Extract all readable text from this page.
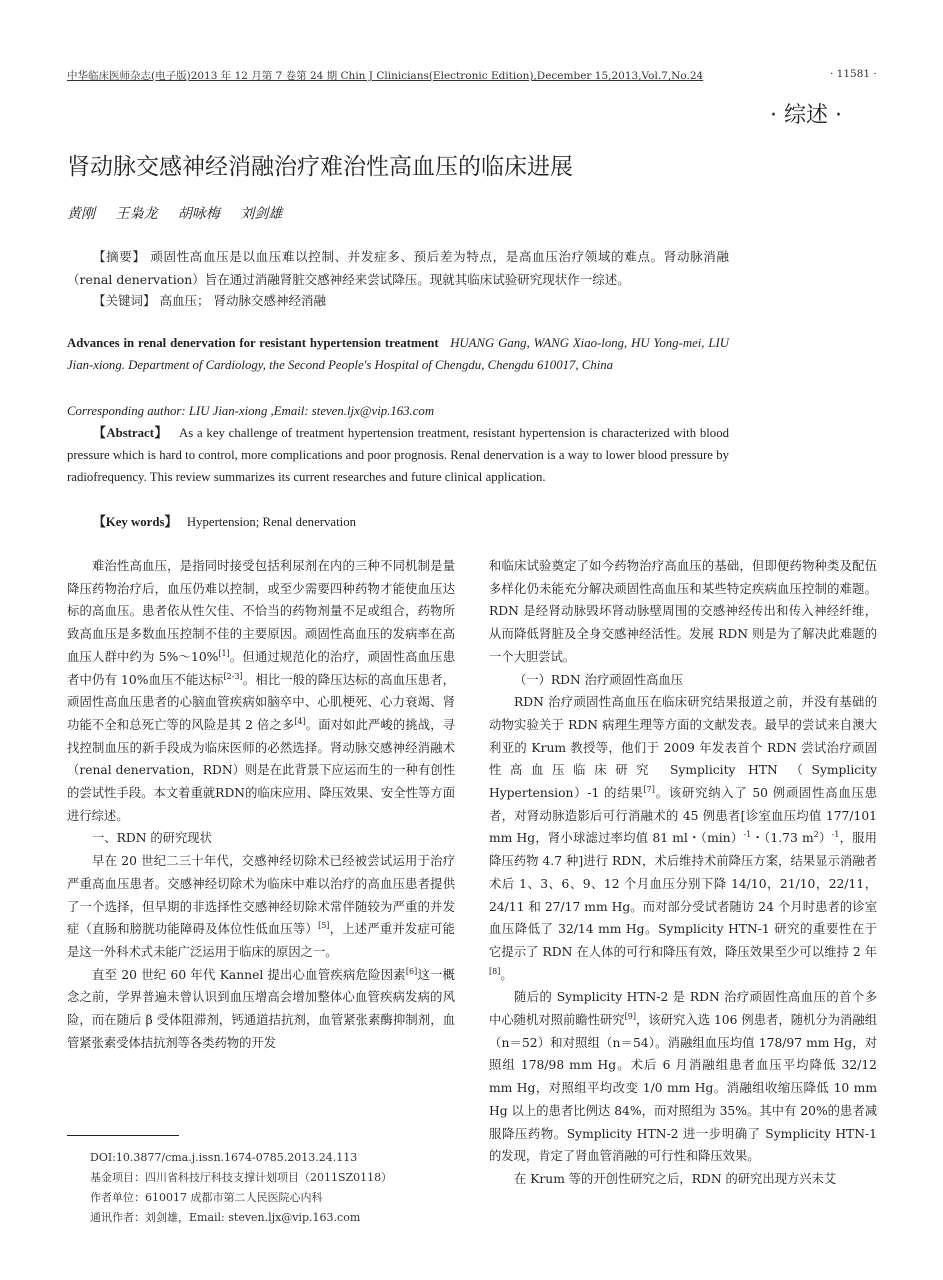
中华临床医师杂志(电子版)2013 年 12 月第 7 卷第 24 期 Chin J Clinicians(Electronic Edition),December 15,2013,Vol.7,No.24	· 11581 ·
· 综述 ·
肾动脉交感神经消融治疗难治性高血压的临床进展
黄刚 王枭龙 胡咏梅 刘剑雄
【摘要】 顽固性高血压是以血压难以控制、并发症多、预后差为特点，是高血压治疗领域的难点。肾动脉消融（renal denervation）旨在通过消融肾脏交感神经来尝试降压。现就其临床试验研究现状作一综述。
【关键词】 高血压； 肾动脉交感神经消融
Advances in renal denervation for resistant hypertension treatment HUANG Gang, WANG Xiao-long, HU Yong-mei, LIU Jian-xiong. Department of Cardiology, the Second People's Hospital of Chengdu, Chengdu 610017, China
Corresponding author: LIU Jian-xiong ,Email: steven.ljx@vip.163.com
【Abstract】 As a key challenge of treatment hypertension treatment, resistant hypertension is characterized with blood pressure which is hard to control, more complications and poor prognosis. Renal denervation is a way to lower blood pressure by radiofrequency. This review summarizes its current researches and future clinical application.
【Key words】 Hypertension; Renal denervation

难治性高血压，是指同时接受包括利尿剂在内的三种不同机制是量降压药物治疗后，血压仍难以控制，或至少需要四种药物才能使血压达标的高血压。患者依从性欠佳、不恰当的药物剂量不足或组合，药物所致高血压是多数血压控制不佳的主要原因。顽固性高血压的发病率在高血压人群中约为 5%～10%[1]。但通过规范化的治疗，顽固性高血压患者中仍有 10%血压不能达标[2-3]。相比一般的降压达标的高血压患者，顽固性高血压患者的心脑血管疾病如脑卒中、心肌梗死、心力衰竭、肾功能不全和总死亡等的风险是其 2 倍之多[4]。面对如此严峻的挑战，寻找控制血压的新手段成为临床医师的必然选择。肾动脉交感神经消融术（renal denervation，RDN）则是在此背景下应运而生的一种有创性的尝试性手段。本文着重就RDN的临床应用、降压效果、安全性等方面进行综述。

一、RDN 的研究现状

早在 20 世纪二三十年代，交感神经切除术已经被尝试运用于治疗严重高血压患者。交感神经切除术为临床中难以治疗的高血压患者提供了一个选择，但早期的非选择性交感神经切除术常伴随较为严重的并发症（直肠和膀胱功能障碍及体位性低血压等）[5]，上述严重并发症可能是这一外科术式未能广泛运用于临床的原因之一。

直至 20 世纪 60 年代 Kannel 提出心血管疾病危险因素[6]这一概念之前，学界普遍未曾认识到血压增高会增加整体心血管疾病发病的风险，而在随后 β 受体阻滞剂，钙通道拮抗剂，血管紧张素酶抑制剂，血管紧张素受体拮抗剂等各类药物的开发

和临床试验奠定了如今药物治疗高血压的基础，但即便药物种类及配伍多样化仍未能充分解决顽固性高血压和某些特定疾病血压控制的难题。RDN 是经肾动脉毁坏肾动脉壁周围的交感神经传出和传入神经纤维，从而降低肾脏及全身交感神经活性。发展 RDN 则是为了解决此难题的一个大胆尝试。

（一）RDN 治疗顽固性高血压

RDN 治疗顽固性高血压在临床研究结果报道之前，并没有基础的动物实验关于 RDN 病理生理等方面的文献发表。最早的尝试来自澳大利亚的 Krum 教授等，他们于 2009 年发表首个 RDN 尝试治疗顽固性高血压临床研究 Symplicity HTN （Symplicity Hypertension）-1 的结果[7]。该研究纳入了 50 例顽固性高血压患者，对肾动脉造影后可行消融术的 45 例患者[诊室血压均值 177/101 mm Hg，肾小球滤过率均值 81 ml・$(\min)^{-1}$・（1.73 $m^2)^{-1}$，服用降压药物 4.7 种]进行 RDN，术后维持术前降压方案，结果显示消融者术后 1、3、6、9、12 个月血压分别下降 14/10，21/10，22/11，24/11 和 27/17 mm Hg。而对部分受试者随访 24 个月时患者的诊室血压降低了 32/14 mm Hg。Symplicity HTN-1 研究的重要性在于它提示了 RDN 在人体的可行和降压有效，降压效果至少可以维持 2 年[8]。

随后的 Symplicity HTN-2 是 RDN 治疗顽固性高血压的首个多中心随机对照前瞻性研究[9]，该研究入选 106 例患者，随机分为消融组（n＝52）和对照组（n＝54）。消融组血压均值 178/97 mm Hg，对照组 178/98 mm Hg。术后 6 月消融组患者血压平均降低 32/12 mm Hg，对照组平均改变 1/0 mm Hg。消融组收缩压降低 10 mm Hg 以上的患者比例达 84%，而对照组为 35%。其中有 20%的患者减服降压药物。Symplicity HTN-2 进一步明确了 Symplicity HTN-1 的发现，肯定了肾血管消融的可行性和降压效果。

在 Krum 等的开创性研究之后，RDN 的研究出现方兴未艾

DOI:10.3877/cma.j.issn.1674-0785.2013.24.113
基金项目：四川省科技厅科技支撑计划项目（2011SZ0118）
作者单位：610017 成都市第二人民医院心内科
通讯作者：刘剑雄，Email: steven.ljx@vip.163.com
